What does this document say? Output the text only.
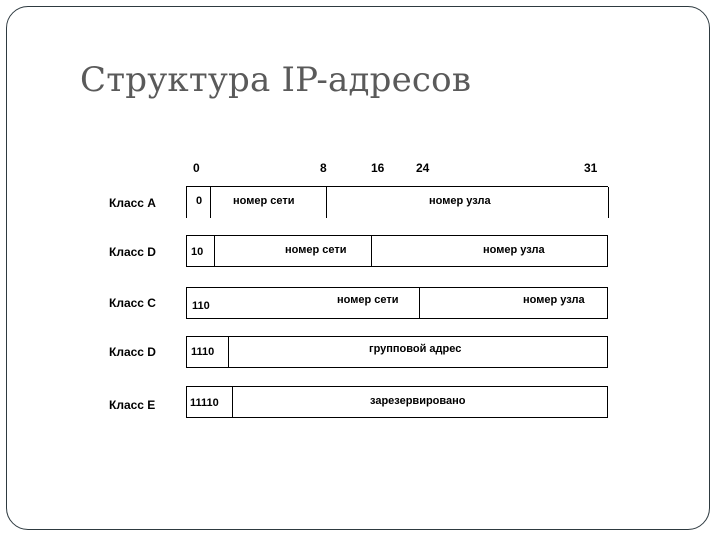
Структура IP-адресов
0	8	16	24	31
Класс A	0	номер сети	номер узла
Класс D	10	номер сети	номер узла
Класс C	110	номер сети	номер узла
Класс D	1110	групповой адрес
Класс E	11110	зарезервировано
